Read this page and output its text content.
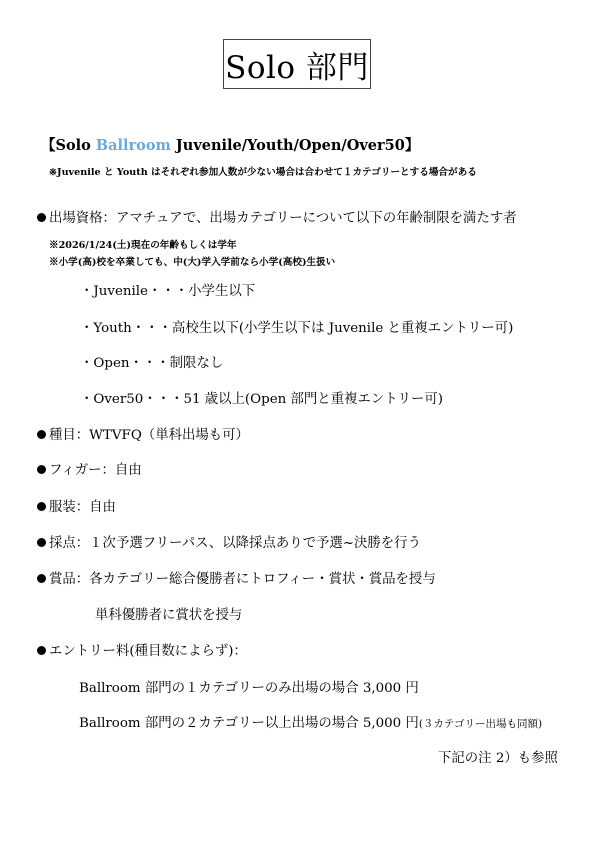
Solo 部門
【Solo Ballroom Juvenile/Youth/Open/Over50】
※Juvenile と Youth はそれぞれ参加人数が少ない場合は合わせて１カテゴリーとする場合がある
出場資格：アマチュアで、出場カテゴリーについて以下の年齢制限を満たす者
※2026/1/24(土)現在の年齢もしくは学年
※小学(高)校を卒業しても、中(大)学入学前なら小学(高校)生扱い
・Juvenile・・・小学生以下
・Youth・・・高校生以下(小学生以下は Juvenile と重複エントリー可)
・Open・・・制限なし
・Over50・・・51 歳以上(Open 部門と重複エントリー可)
種目：WTVFQ（単科出場も可）
フィガー：自由
服装：自由
採点：１次予選フリーパス、以降採点ありで予選~決勝を行う
賞品：各カテゴリー総合優勝者にトロフィー・賞状・賞品を授与
単科優勝者に賞状を授与
エントリー料(種目数によらず)：
Ballroom 部門の１カテゴリーのみ出場の場合 3,000 円
Ballroom 部門の２カテゴリー以上出場の場合 5,000 円(３カテゴリー出場も同額)
下記の注 2）も参照
